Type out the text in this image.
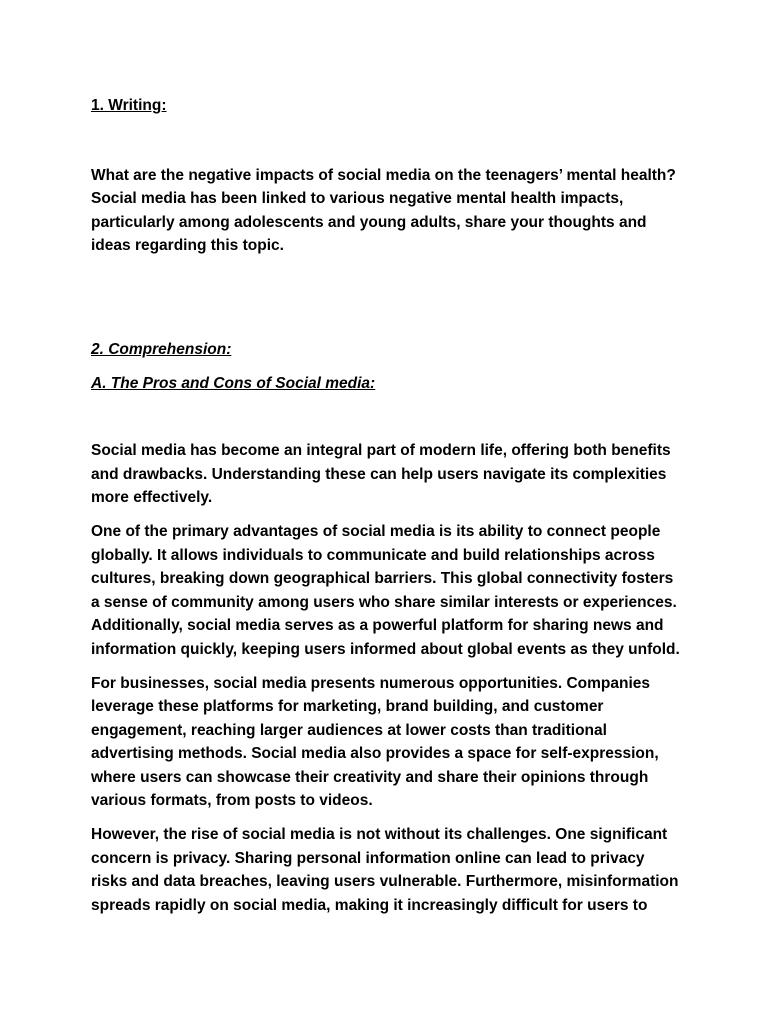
1. Writing:

What are the negative impacts of social media on the teenagers’ mental health? Social media has been linked to various negative mental health impacts, particularly among adolescents and young adults, share your thoughts and ideas regarding this topic.

2. Comprehension:

A. The Pros and Cons of Social media:

Social media has become an integral part of modern life, offering both benefits and drawbacks. Understanding these can help users navigate its complexities more effectively.

One of the primary advantages of social media is its ability to connect people globally. It allows individuals to communicate and build relationships across cultures, breaking down geographical barriers. This global connectivity fosters a sense of community among users who share similar interests or experiences. Additionally, social media serves as a powerful platform for sharing news and information quickly, keeping users informed about global events as they unfold.

For businesses, social media presents numerous opportunities. Companies leverage these platforms for marketing, brand building, and customer engagement, reaching larger audiences at lower costs than traditional advertising methods. Social media also provides a space for self-expression, where users can showcase their creativity and share their opinions through various formats, from posts to videos.

However, the rise of social media is not without its challenges. One significant concern is privacy. Sharing personal information online can lead to privacy risks and data breaches, leaving users vulnerable. Furthermore, misinformation spreads rapidly on social media, making it increasingly difficult for users to
